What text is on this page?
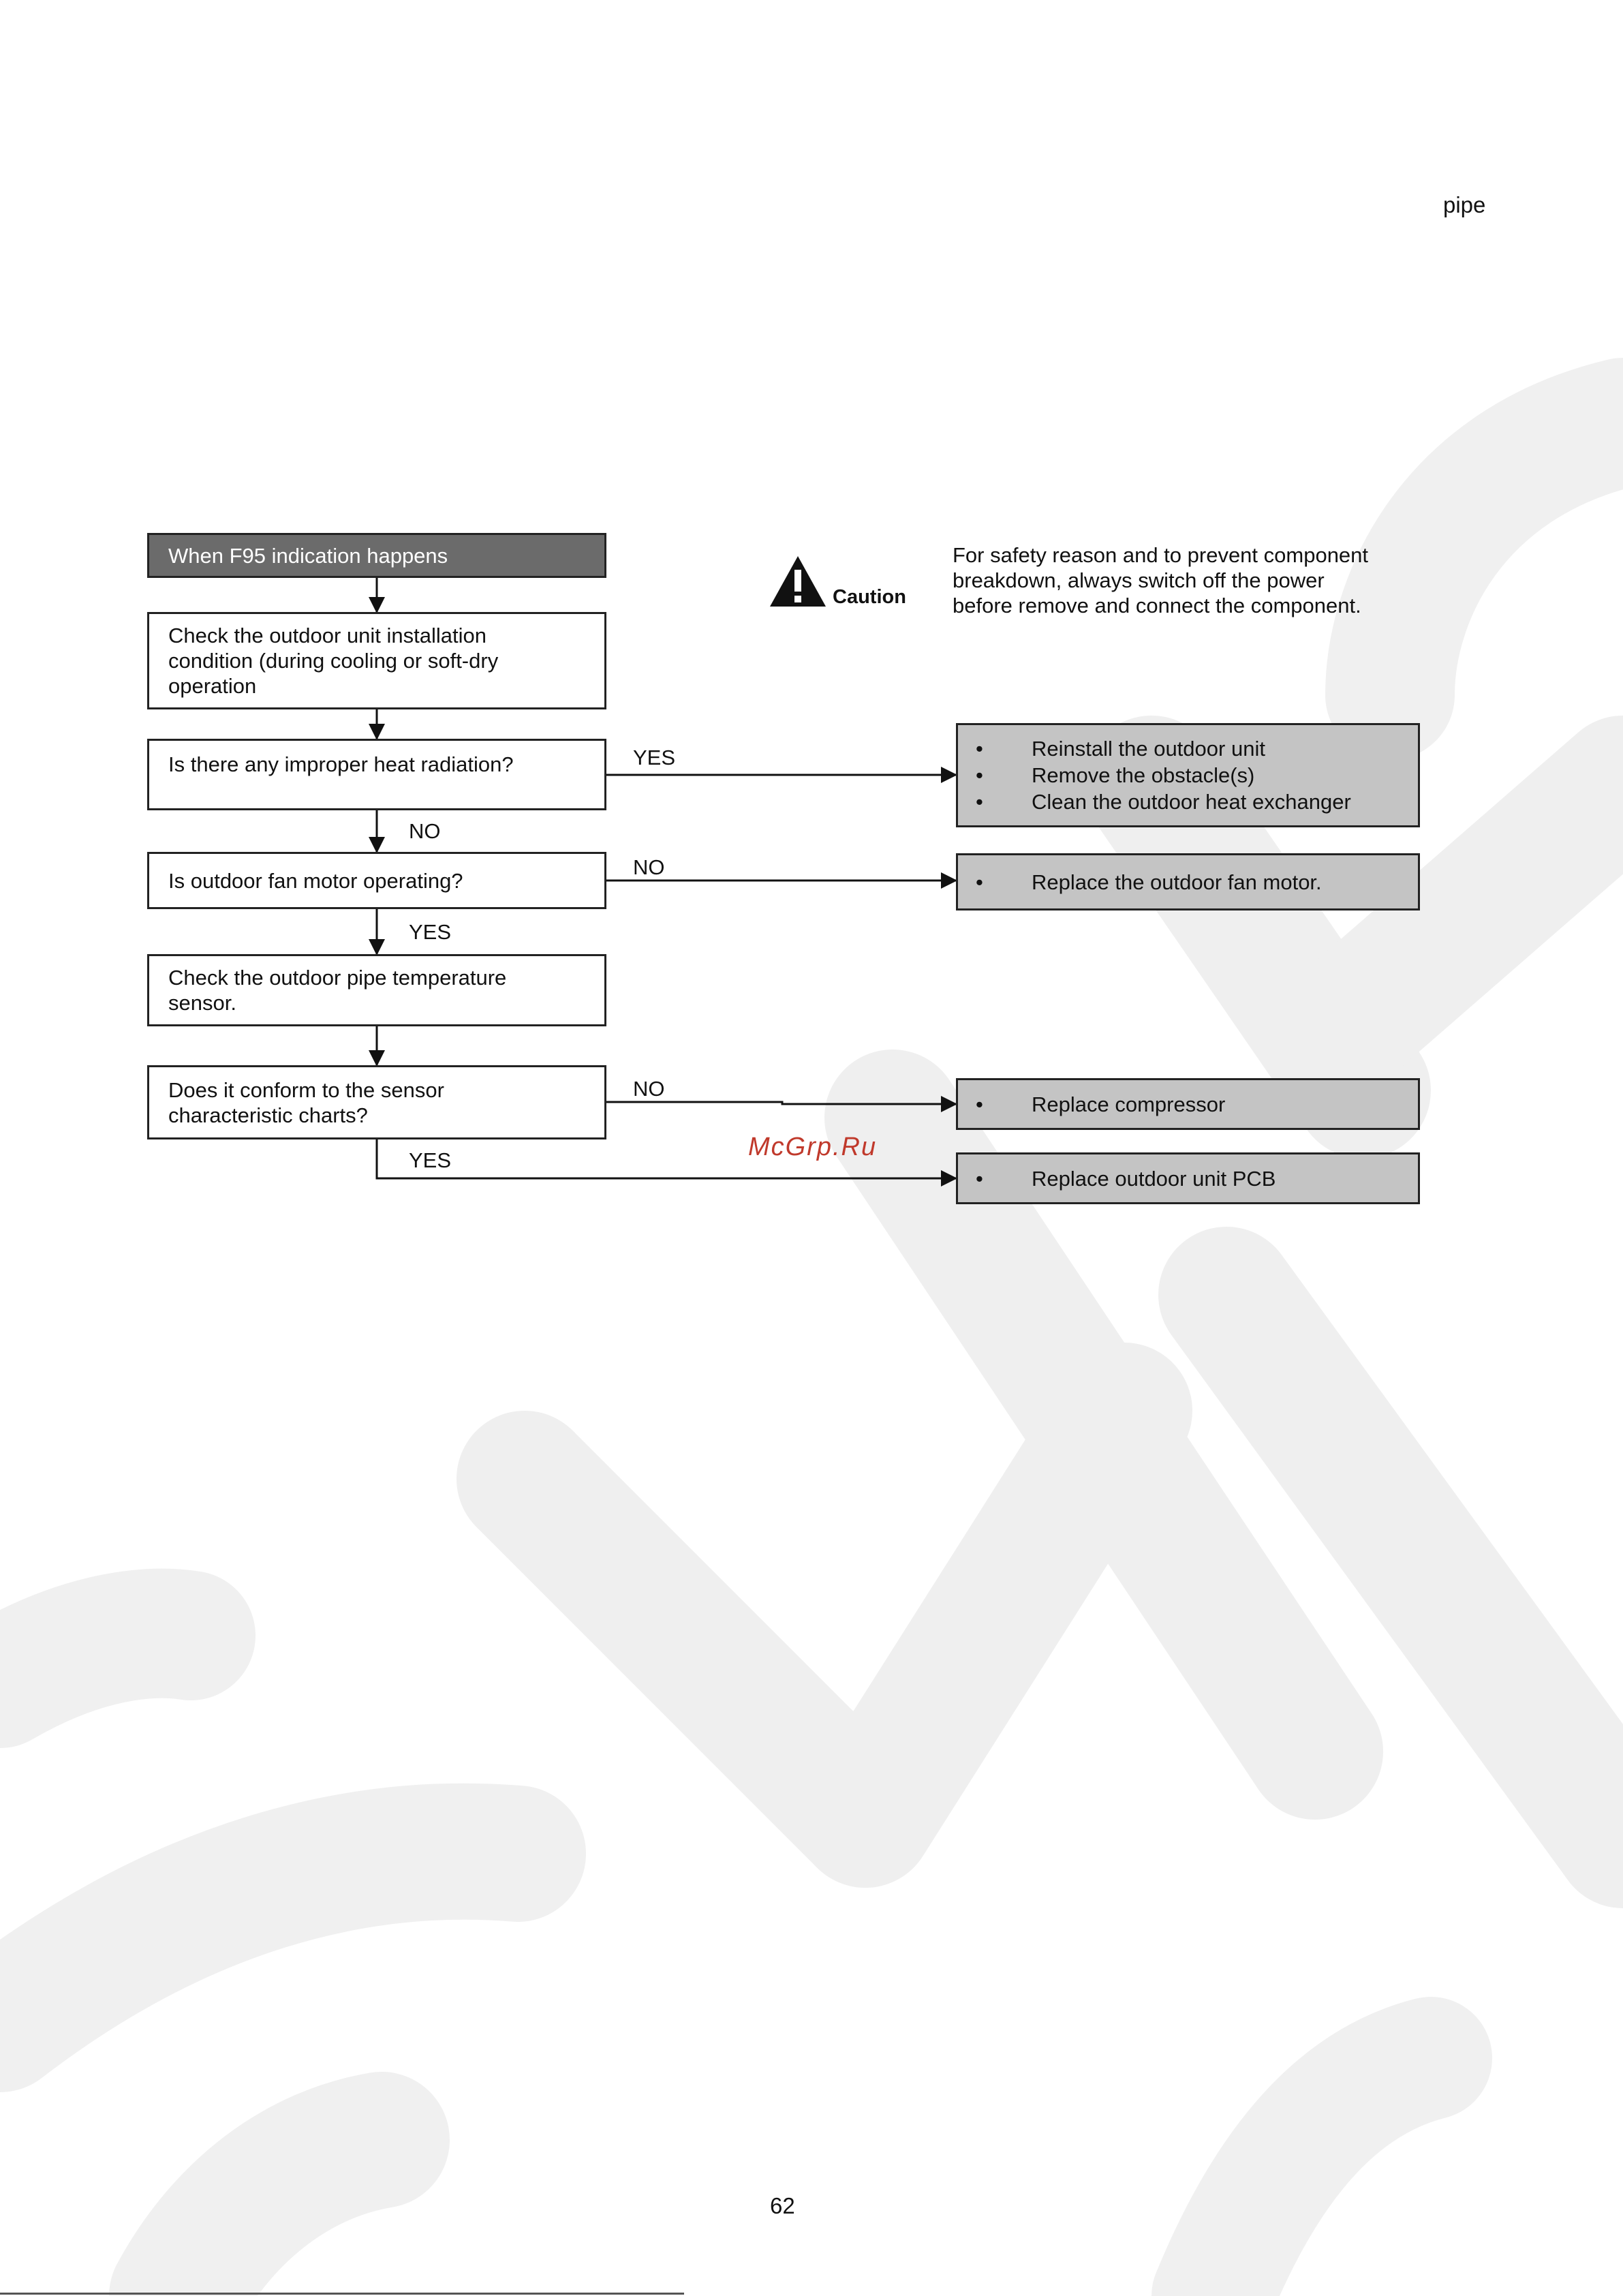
pipe
When F95 indication happens
Check the outdoor unit installation
condition (during cooling or soft-dry
operation
Is there any improper heat radiation?
Is outdoor fan motor operating?
Check the outdoor pipe temperature
sensor.
Does it conform to the sensor
characteristic charts?
• Reinstall the outdoor unit
• Remove the obstacle(s)
• Clean the outdoor heat exchanger
• Replace the outdoor fan motor.
• Replace compressor
• Replace outdoor unit PCB
YES
NO
NO
YES
NO
YES
Caution
For safety reason and to prevent component
breakdown, always switch off the power
before remove and connect the component.
McGrp.Ru
62
